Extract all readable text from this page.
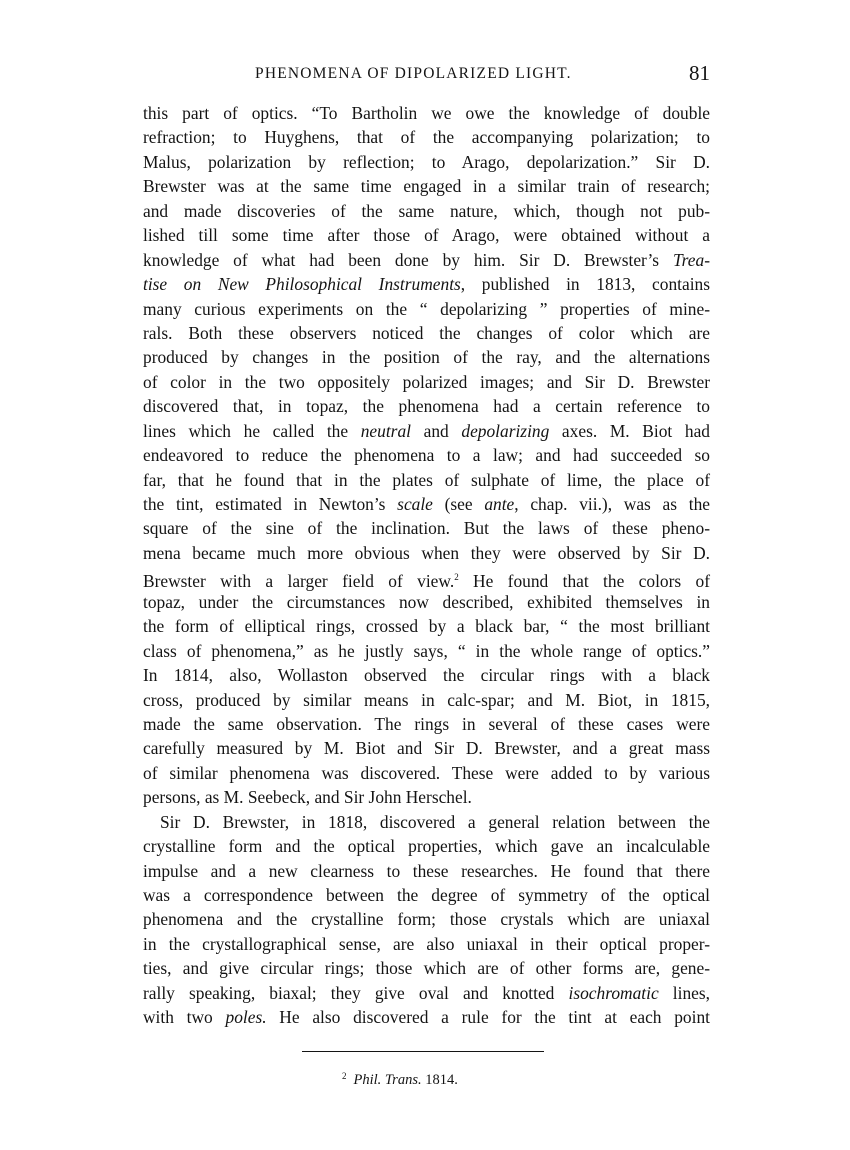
PHENOMENA OF DIPOLARIZED LIGHT.	81
this part of optics. “To Bartholin we owe the knowledge of double
refraction; to Huyghens, that of the accompanying polarization; to
Malus, polarization by reflection; to Arago, depolarization.” Sir D.
Brewster was at the same time engaged in a similar train of research;
and made discoveries of the same nature, which, though not pub-
lished till some time after those of Arago, were obtained without a
knowledge of what had been done by him. Sir D. Brewster’s Trea-
tise on New Philosophical Instruments, published in 1813, contains
many curious experiments on the “ depolarizing ” properties of mine-
rals. Both these observers noticed the changes of color which are
produced by changes in the position of the ray, and the alternations
of color in the two oppositely polarized images; and Sir D. Brewster
discovered that, in topaz, the phenomena had a certain reference to
lines which he called the neutral and depolarizing axes. M. Biot had
endeavored to reduce the phenomena to a law; and had succeeded so
far, that he found that in the plates of sulphate of lime, the place of
the tint, estimated in Newton’s scale (see ante, chap. vii.), was as the
square of the sine of the inclination. But the laws of these pheno-
mena became much more obvious when they were observed by Sir D.
Brewster with a larger field of view.$^2$ He found that the colors of
topaz, under the circumstances now described, exhibited themselves in
the form of elliptical rings, crossed by a black bar, “ the most brilliant
class of phenomena,” as he justly says, “ in the whole range of optics.”
In 1814, also, Wollaston observed the circular rings with a black
cross, produced by similar means in calc-spar; and M. Biot, in 1815,
made the same observation. The rings in several of these cases were
carefully measured by M. Biot and Sir D. Brewster, and a great mass
of similar phenomena was discovered. These were added to by various
persons, as M. Seebeck, and Sir John Herschel.
Sir D. Brewster, in 1818, discovered a general relation between the
crystalline form and the optical properties, which gave an incalculable
impulse and a new clearness to these researches. He found that there
was a correspondence between the degree of symmetry of the optical
phenomena and the crystalline form; those crystals which are uniaxal
in the crystallographical sense, are also uniaxal in their optical proper-
ties, and give circular rings; those which are of other forms are, gene-
rally speaking, biaxal; they give oval and knotted isochromatic lines,
with two poles. He also discovered a rule for the tint at each point
$^2$ Phil. Trans. 1814.
